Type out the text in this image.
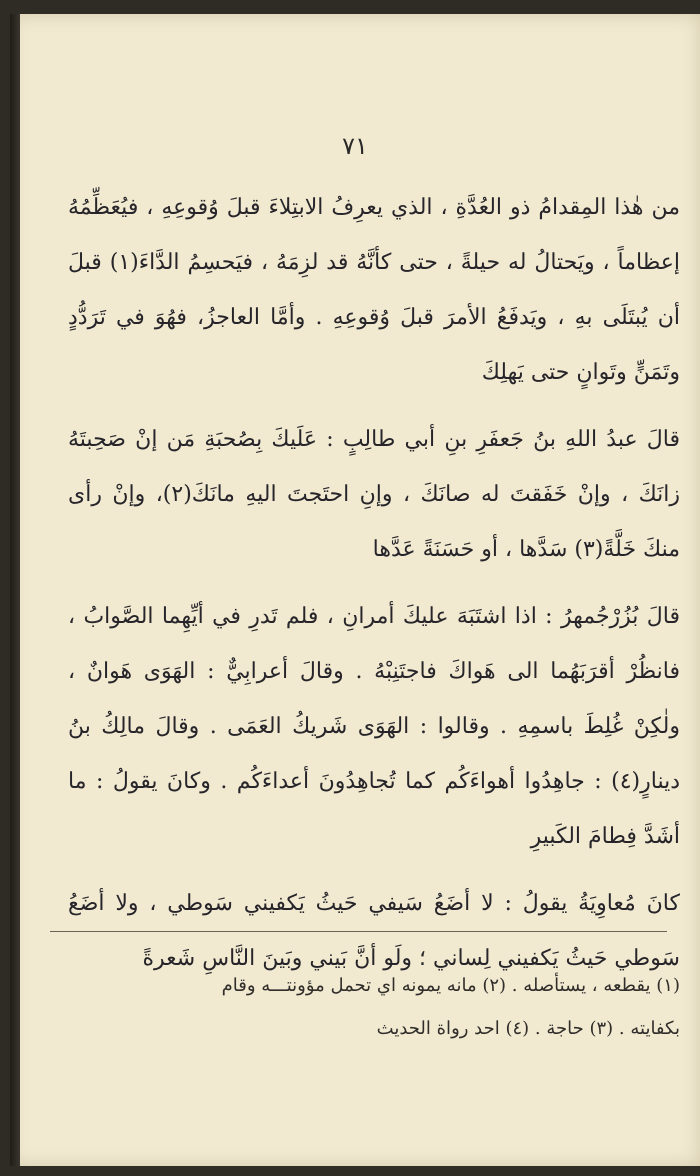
٧١

من هٰذا المِقدامُ ذو العُدَّةِ ، الذي يعرِفُ الابتِلاءَ قبلَ وُقوعِهِ ، فيُعَظِّمُهُ إعظاماً ، ويَحتالُ له حيلةً ، حتى كأنَّهُ قد لزِمَهُ ، فيَحسِمُ الدَّاءَ(١) قبلَ أن يُبتَلَى بهِ ، ويَدفَعُ الأمرَ قبلَ وُقوعِهِ . وأمَّا العاجزُ، فهُوَ في تَرَدُّدٍ وتَمَنٍّ وتَوانٍ حتى يَهلِكَ

قالَ عبدُ اللهِ بنُ جَعفَرِ بنِ أبي طالِبٍ : عَلَيكَ بِصُحبَةِ مَن إنْ صَحِبتَهُ زانَكَ ، وإنْ خَفَقتَ له صانَكَ ، وإنِ احتَجتَ اليهِ مانَكَ(٢)، وإنْ رأى منكَ خَلَّةً(٣) سَدَّها ، أو حَسَنَةً عَدَّها

قالَ بُزُرْجُمهرُ : اذا اشتَبَهَ عليكَ أمرانِ ، فلم تَدرِ في أيِّهِما الصَّوابُ ، فانظُرْ أقرَبَهُما الى هَواكَ فاجتَنِبْهُ . وقالَ أعرابِيٌّ : الهَوَى هَوانٌ ، ولٰكِنْ غُلِطَ باسمِهِ . وقالوا : الهَوَى شَريكُ العَمَى . وقالَ مالِكُ بنُ دينارٍ(٤) : جاهِدُوا أهواءَكُم كما تُجاهِدُونَ أعداءَكُم . وكانَ يقولُ : ما أشَدَّ فِطامَ الكَبيرِ

كانَ مُعاوِيَةُ يقولُ : لا أضَعُ سَيفي حَيثُ يَكفيني سَوطي ، ولا أضَعُ سَوطي حَيثُ يَكفيني لِساني ؛ ولَو أنَّ بَيني وبَينَ النَّاسِ شَعرةً

(١) يقطعه ، يستأصله . (٢) مانه يمونه اي تحمل مؤونتـــه وقام

بكفايته . (٣) حاجة . (٤) احد رواة الحديث
